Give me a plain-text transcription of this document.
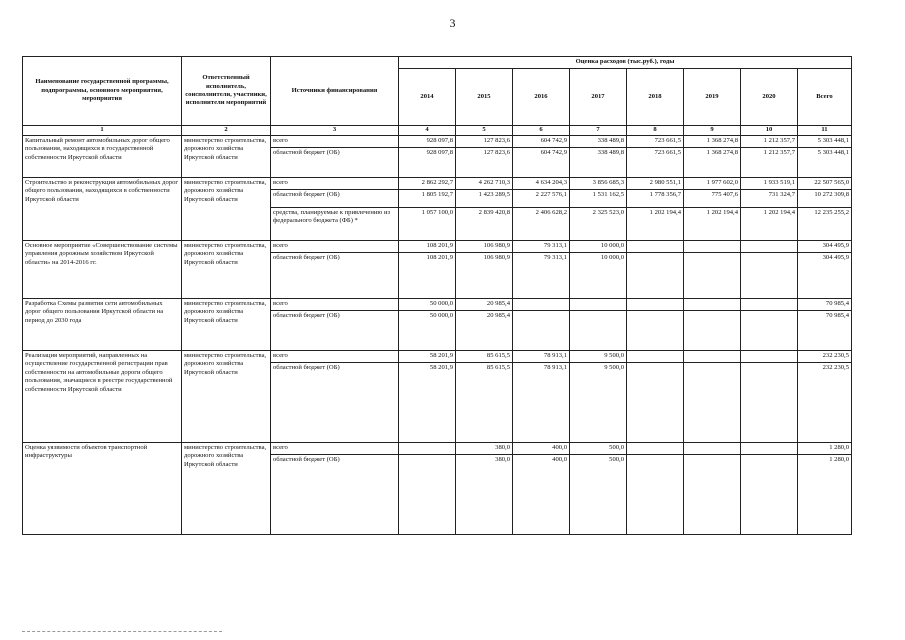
3
Наименование государственной программы, подпрограммы, основного мероприятия, мероприятия	Ответственный исполнитель, соисполнители, участники, исполнители мероприятий	Источники финансирования	Оценка расходов (тыс.руб.), годы							
			2014	2015	2016	2017	2018	2019	2020	Всего
1	2	3	4	5	6	7	8	9	10	11
Капитальный ремонт автомобильных дорог общего пользования, находящихся в государственной собственности Иркутской области	министерство строительства, дорожного хозяйства Иркутской области	всего	928 097,8	127 823,6	604 742,9	338 489,8	723 661,5	1 368 274,8	1 212 357,7	5 303 448,1
		областной бюджет (ОБ)	928 097,8	127 823,6	604 742,9	338 489,8	723 661,5	1 368 274,8	1 212 357,7	5 303 448,1
Строительство и реконструкция автомобильных дорог общего пользования, находящихся в собственности Иркутской области	министерство строительства, дорожного хозяйства Иркутской области	всего	2 862 292,7	4 262 710,3	4 634 204,3	3 856 685,3	2 980 551,1	1 977 602,0	1 933 519,1	22 507 565,0
		областной бюджет (ОБ)	1 805 192,7	1 423 289,5	2 227 576,1	1 531 162,5	1 778 356,7	775 407,6	731 324,7	10 272 309,8
		средства, планируемые к привлечению из федерального бюджета (ФБ) *	1 057 100,0	2 839 420,8	2 406 628,2	2 325 523,0	1 202 194,4	1 202 194,4	1 202 194,4	12 235 255,2
Основное мероприятие «Совершенствование системы управления дорожным хозяйством Иркутской области» на 2014-2016 гг.	министерство строительства, дорожного хозяйства Иркутской области	всего	108 201,9	106 980,9	79 313,1	10 000,0				304 495,9
		областной бюджет (ОБ)	108 201,9	106 980,9	79 313,1	10 000,0				304 495,9
Разработка Схемы развития сети автомобильных дорог общего пользования Иркутской области на период до 2030 года	министерство строительства, дорожного хозяйства Иркутской области	всего	50 000,0	20 985,4						70 985,4
		областной бюджет (ОБ)	50 000,0	20 985,4						70 985,4
Реализация мероприятий, направленных на осуществление государственной регистрации прав собственности на автомобильные дороги общего пользования, значащиеся в реестре государственной собственности Иркутской области	министерство строительства, дорожного хозяйства Иркутской области	всего	58 201,9	85 615,5	78 913,1	9 500,0				232 230,5
		областной бюджет (ОБ)	58 201,9	85 615,5	78 913,1	9 500,0				232 230,5
Оценка уязвимости объектов транспортной инфраструктуры	министерство строительства, дорожного хозяйства Иркутской области	всего		380,0	400,0	500,0				1 280,0
		областной бюджет (ОБ)		380,0	400,0	500,0				1 280,0
